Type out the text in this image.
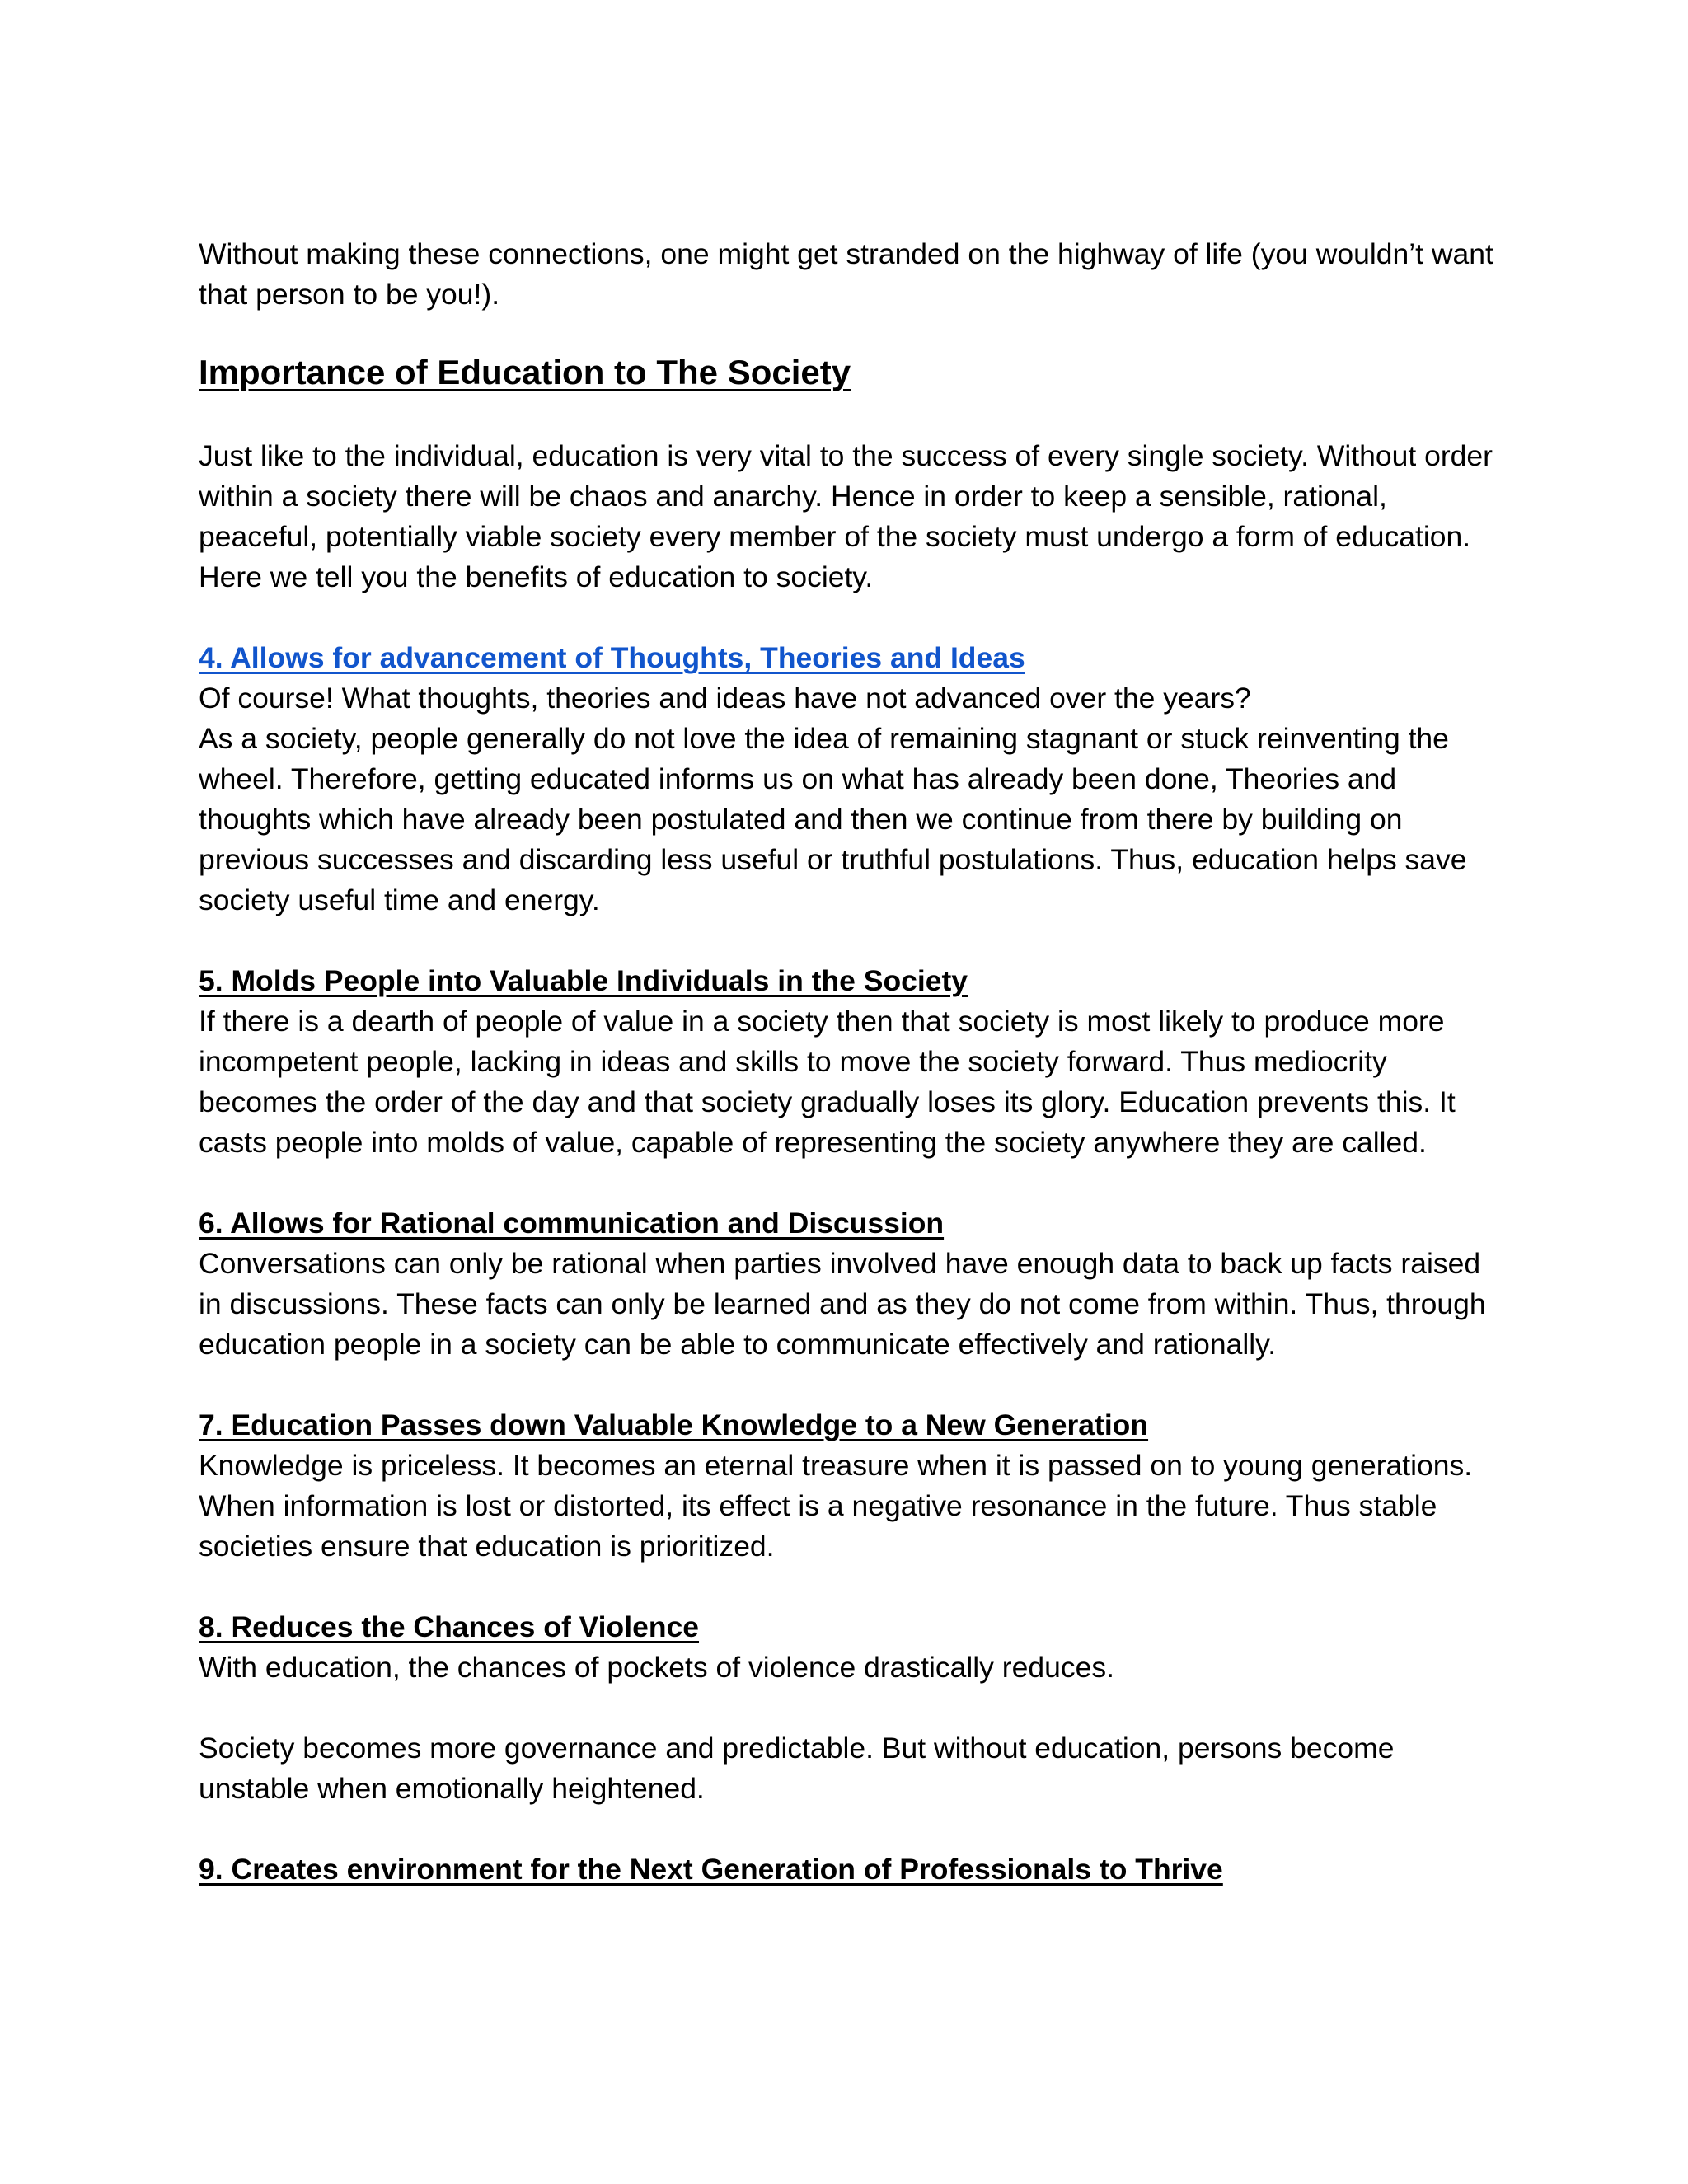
Without making these connections, one might get stranded on the highway of life (you wouldn’t want that person to be you!).

Importance of Education to The Society

Just like to the individual, education is very vital to the success of every single society. Without order within a society there will be chaos and anarchy. Hence in order to keep a sensible, rational, peaceful, potentially viable society every member of the society must undergo a form of education. Here we tell you the benefits of education to society.

4. Allows for advancement of Thoughts, Theories and Ideas

Of course! What thoughts, theories and ideas have not advanced over the years?

As a society, people generally do not love the idea of remaining stagnant or stuck reinventing the wheel. Therefore, getting educated informs us on what has already been done, Theories and thoughts which have already been postulated and then we continue from there by building on previous successes and discarding less useful or truthful postulations. Thus, education helps save society useful time and energy.

5. Molds People into Valuable Individuals in the Society

If there is a dearth of people of value in a society then that society is most likely to produce more incompetent people, lacking in ideas and skills to move the society forward. Thus mediocrity becomes the order of the day and that society gradually loses its glory. Education prevents this. It casts people into molds of value, capable of representing the society anywhere they are called.

6. Allows for Rational communication and Discussion

Conversations can only be rational when parties involved have enough data to back up facts raised in discussions. These facts can only be learned and as they do not come from within. Thus, through education people in a society can be able to communicate effectively and rationally.

7. Education Passes down Valuable Knowledge to a New Generation

Knowledge is priceless. It becomes an eternal treasure when it is passed on to young generations. When information is lost or distorted, its effect is a negative resonance in the future. Thus stable societies ensure that education is prioritized.

8. Reduces the Chances of Violence

With education, the chances of pockets of violence drastically reduces.

Society becomes more governance and predictable. But without education, persons become unstable when emotionally heightened.

9. Creates environment for the Next Generation of Professionals to Thrive
